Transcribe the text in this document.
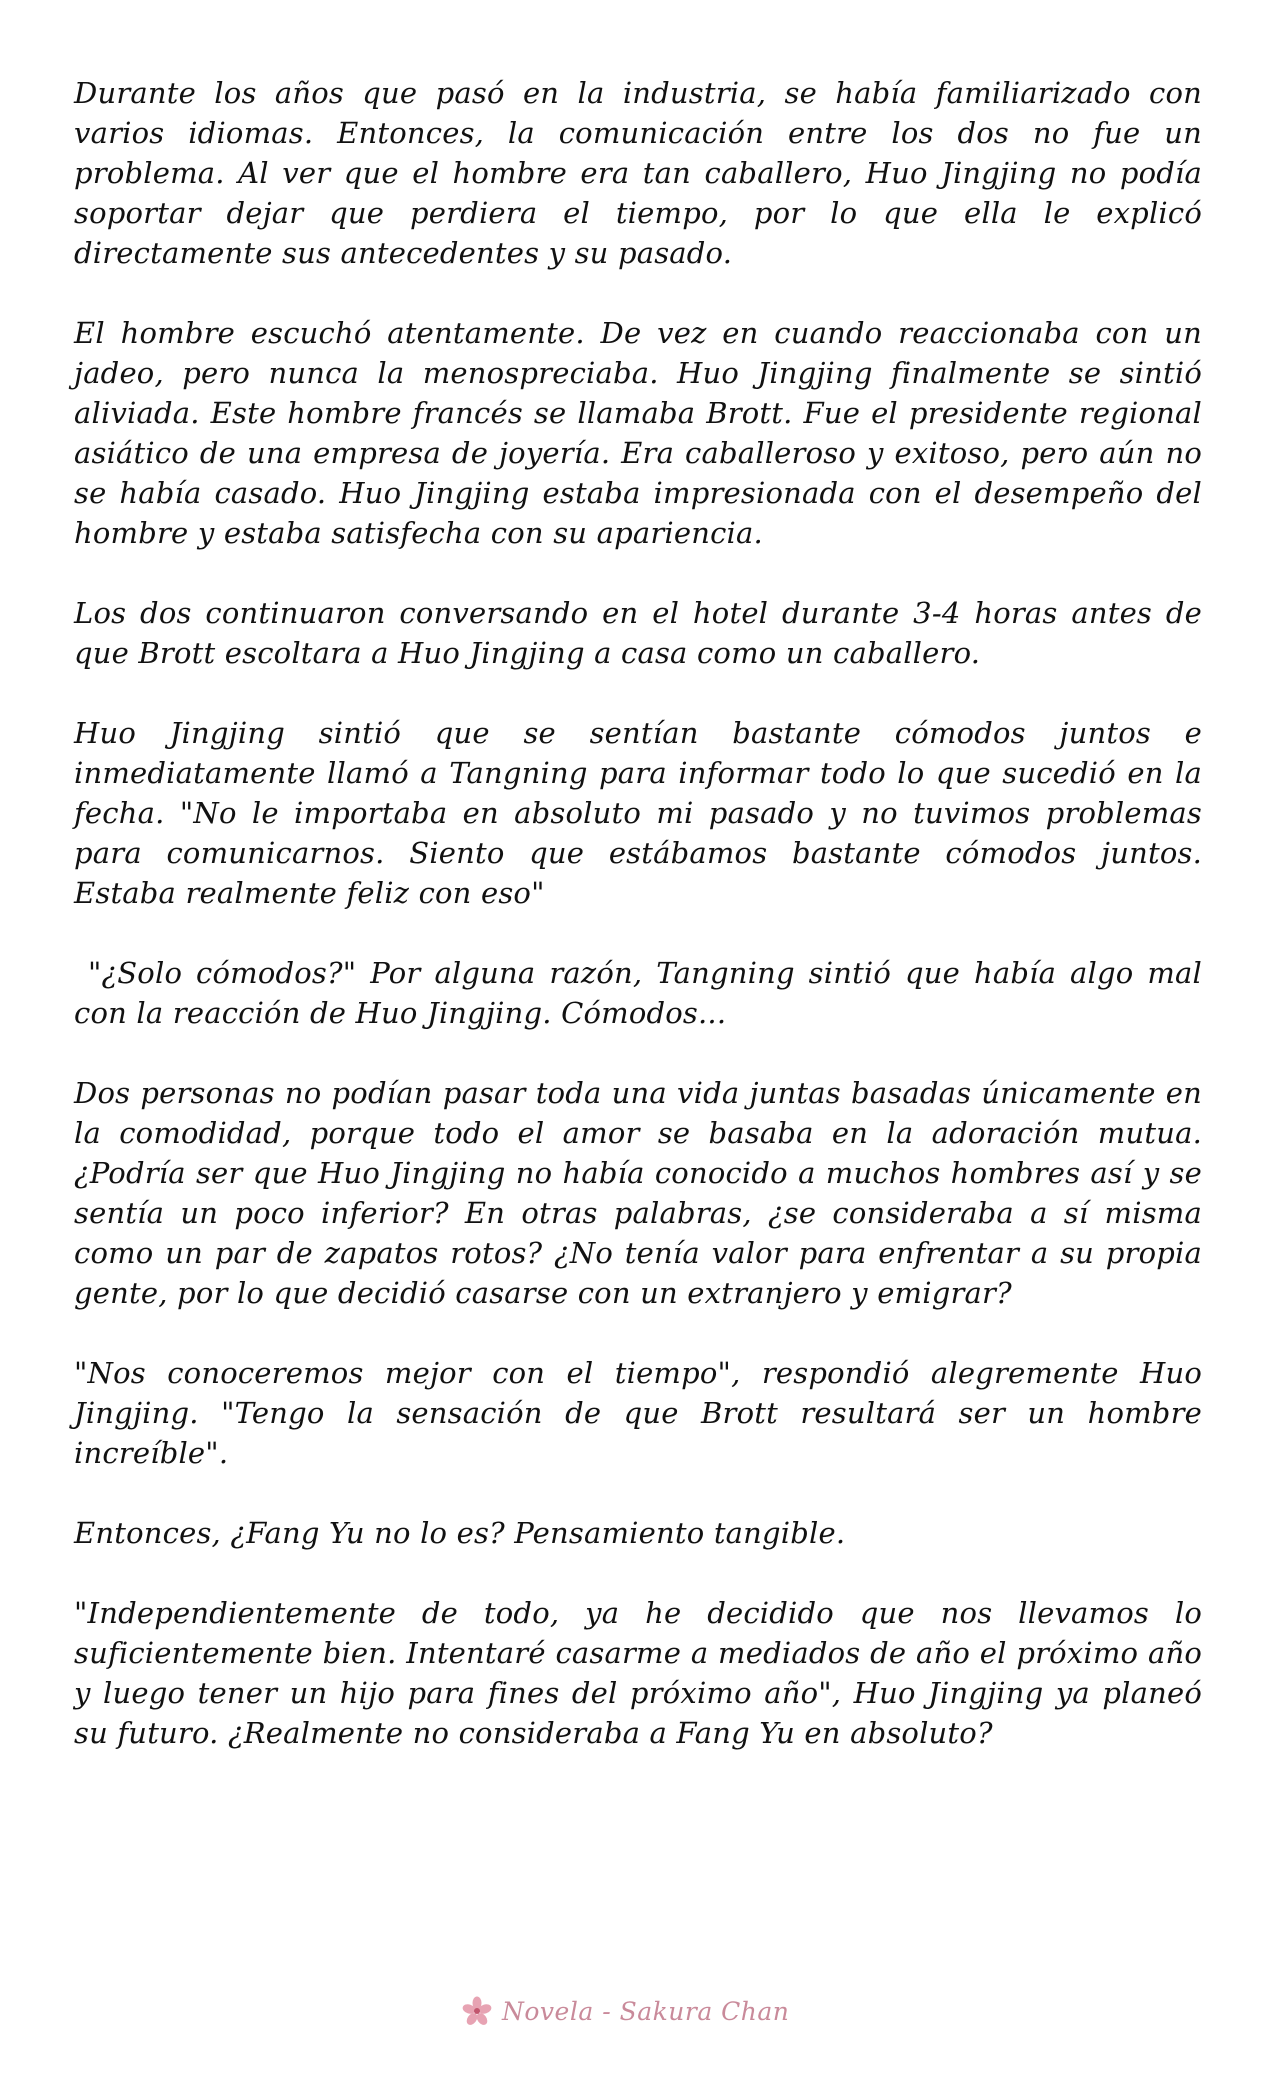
Durante los años que pasó en la industria, se había familiarizado con varios idiomas. Entonces, la comunicación entre los dos no fue un problema. Al ver que el hombre era tan caballero, Huo Jingjing no podía soportar dejar que perdiera el tiempo, por lo que ella le explicó directamente sus antecedentes y su pasado.

El hombre escuchó atentamente. De vez en cuando reaccionaba con un jadeo, pero nunca la menospreciaba. Huo Jingjing finalmente se sintió aliviada. Este hombre francés se llamaba Brott. Fue el presidente regional asiático de una empresa de joyería. Era caballeroso y exitoso, pero aún no se había casado. Huo Jingjing estaba impresionada con el desempeño del hombre y estaba satisfecha con su apariencia.

Los dos continuaron conversando en el hotel durante 3-4 horas antes de que Brott escoltara a Huo Jingjing a casa como un caballero.

Huo Jingjing sintió que se sentían bastante cómodos juntos e inmediatamente llamó a Tangning para informar todo lo que sucedió en la fecha. "No le importaba en absoluto mi pasado y no tuvimos problemas para comunicarnos. Siento que estábamos bastante cómodos juntos. Estaba realmente feliz con eso"

"¿Solo cómodos?" Por alguna razón, Tangning sintió que había algo mal con la reacción de Huo Jingjing. Cómodos...

Dos personas no podían pasar toda una vida juntas basadas únicamente en la comodidad, porque todo el amor se basaba en la adoración mutua. ¿Podría ser que Huo Jingjing no había conocido a muchos hombres así y se sentía un poco inferior? En otras palabras, ¿se consideraba a sí misma como un par de zapatos rotos? ¿No tenía valor para enfrentar a su propia gente, por lo que decidió casarse con un extranjero y emigrar?

"Nos conoceremos mejor con el tiempo", respondió alegremente Huo Jingjing. "Tengo la sensación de que Brott resultará ser un hombre increíble".

Entonces, ¿Fang Yu no lo es? Pensamiento tangible.

"Independientemente de todo, ya he decidido que nos llevamos lo suficientemente bien. Intentaré casarme a mediados de año el próximo año y luego tener un hijo para fines del próximo año", Huo Jingjing ya planeó su futuro. ¿Realmente no consideraba a Fang Yu en absoluto?

Novela - Sakura Chan
